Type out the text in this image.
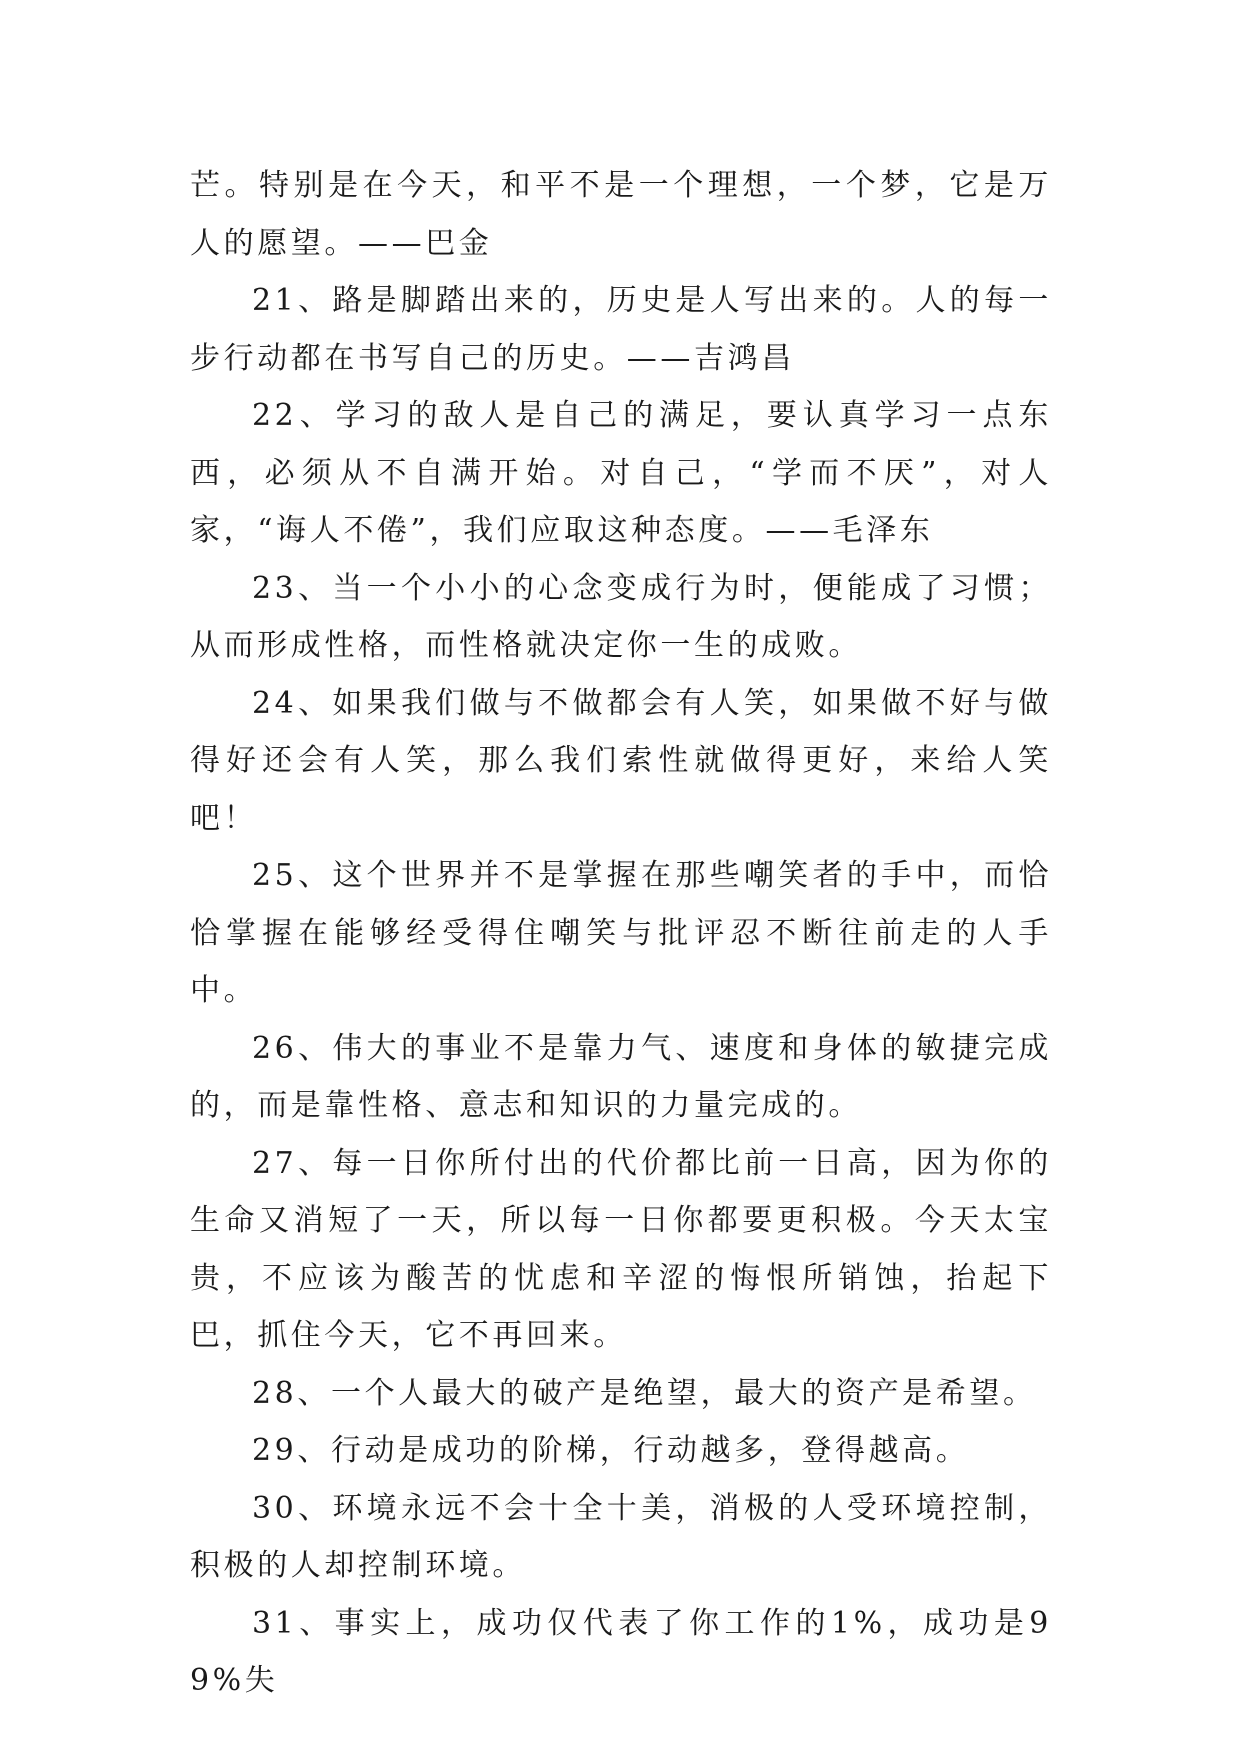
芒。特别是在今天，和平不是一个理想，一个梦，它是万人的愿望。——巴金

21、路是脚踏出来的，历史是人写出来的。人的每一步行动都在书写自己的历史。——吉鸿昌

22、学习的敌人是自己的满足，要认真学习一点东西，必须从不自满开始。对自己，“学而不厌”，对人家，“诲人不倦”，我们应取这种态度。——毛泽东

23、当一个小小的心念变成行为时，便能成了习惯；从而形成性格，而性格就决定你一生的成败。

24、如果我们做与不做都会有人笑，如果做不好与做得好还会有人笑，那么我们索性就做得更好，来给人笑吧！

25、这个世界并不是掌握在那些嘲笑者的手中，而恰恰掌握在能够经受得住嘲笑与批评忍不断往前走的人手中。

26、伟大的事业不是靠力气、速度和身体的敏捷完成的，而是靠性格、意志和知识的力量完成的。

27、每一日你所付出的代价都比前一日高，因为你的生命又消短了一天，所以每一日你都要更积极。今天太宝贵，不应该为酸苦的忧虑和辛涩的悔恨所销蚀，抬起下巴，抓住今天，它不再回来。

28、一个人最大的破产是绝望，最大的资产是希望。

29、行动是成功的阶梯，行动越多，登得越高。

30、环境永远不会十全十美，消极的人受环境控制，积极的人却控制环境。

31、事实上，成功仅代表了你工作的1%，成功是99%失
